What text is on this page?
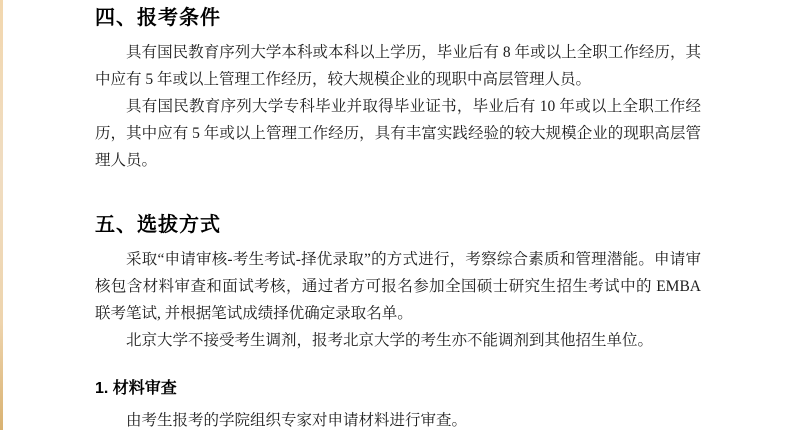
四、报考条件

具有国民教育序列大学本科或本科以上学历，毕业后有 8 年或以上全职工作经历，其中应有 5 年或以上管理工作经历，较大规模企业的现职中高层管理人员。

具有国民教育序列大学专科毕业并取得毕业证书，毕业后有 10 年或以上全职工作经历，其中应有 5 年或以上管理工作经历，具有丰富实践经验的较大规模企业的现职高层管理人员。

五、选拔方式

采取“申请审核-考生考试-择优录取”的方式进行，考察综合素质和管理潜能。申请审核包含材料审查和面试考核，通过者方可报名参加全国硕士研究生招生考试中的 EMBA 联考笔试, 并根据笔试成绩择优确定录取名单。

北京大学不接受考生调剂，报考北京大学的考生亦不能调剂到其他招生单位。

1. 材料审查

由考生报考的学院组织专家对申请材料进行审查。
